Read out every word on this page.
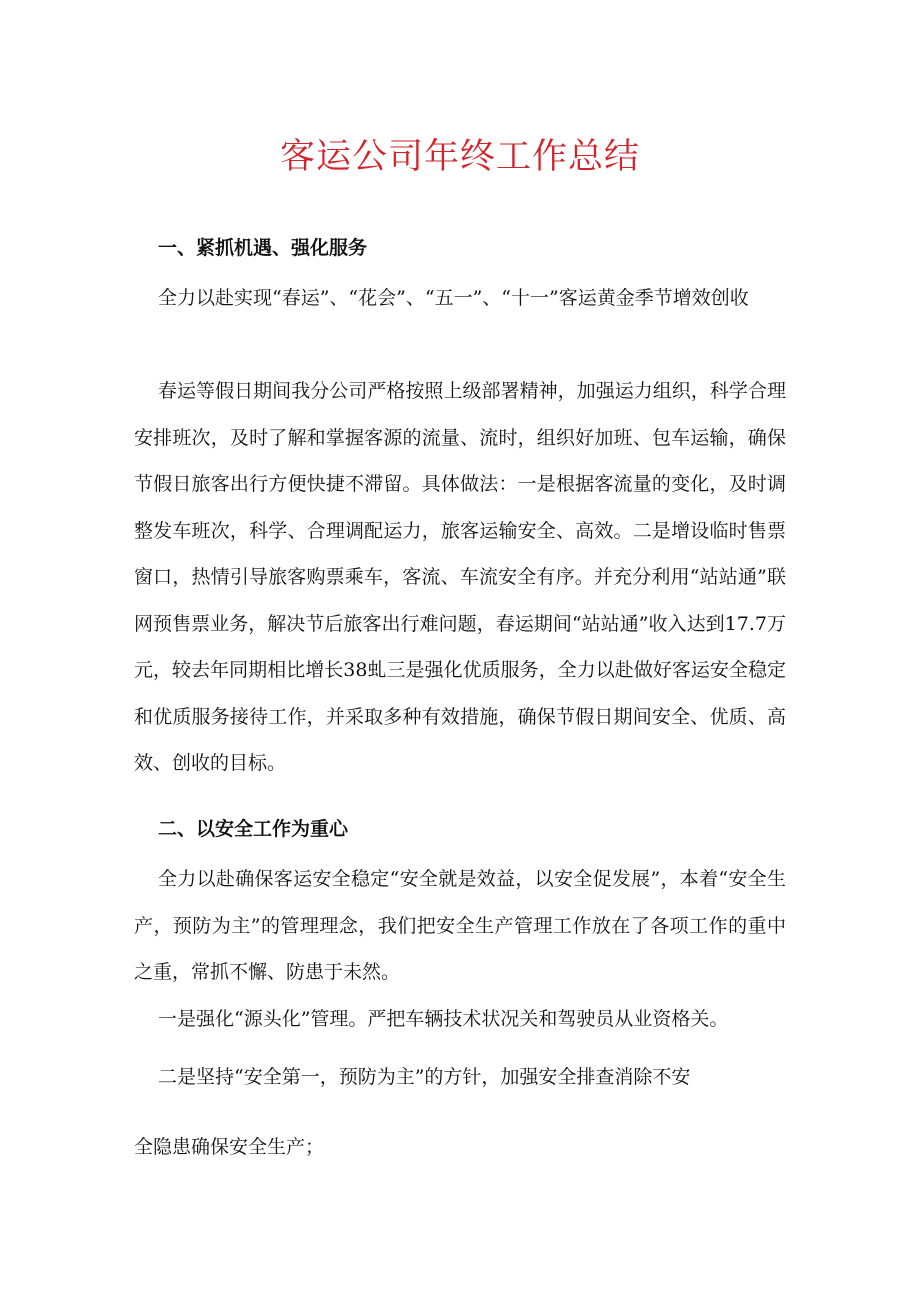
客运公司年终工作总结
一、紧抓机遇、强化服务

全力以赴实现“春运”、“花会”、“五一”、“十一”客运黄金季节增效创收

春运等假日期间我分公司严格按照上级部署精神，加强运力组织，科学合理安排班次，及时了解和掌握客源的流量、流时，组织好加班、包车运输，确保节假日旅客出行方便快捷不滞留。具体做法：一是根据客流量的变化，及时调整发车班次，科学、合理调配运力，旅客运输安全、高效。二是增设临时售票窗口，热情引导旅客购票乘车，客流、车流安全有序。并充分利用“站站通”联网预售票业务，解决节后旅客出行难问题，春运期间“站站通”收入达到17.7万元，较去年同期相比增长38虬三是强化优质服务，全力以赴做好客运安全稳定和优质服务接待工作，并采取多种有效措施，确保节假日期间安全、优质、高效、创收的目标。

二、以安全工作为重心

全力以赴确保客运安全稳定“安全就是效益，以安全促发展”，本着“安全生产，预防为主”的管理理念，我们把安全生产管理工作放在了各项工作的重中之重，常抓不懈、防患于未然。

一是强化“源头化”管理。严把车辆技术状况关和驾驶员从业资格关。

二是坚持“安全第一，预防为主”的方针，加强安全排查消除不安

全隐患确保安全生产；
